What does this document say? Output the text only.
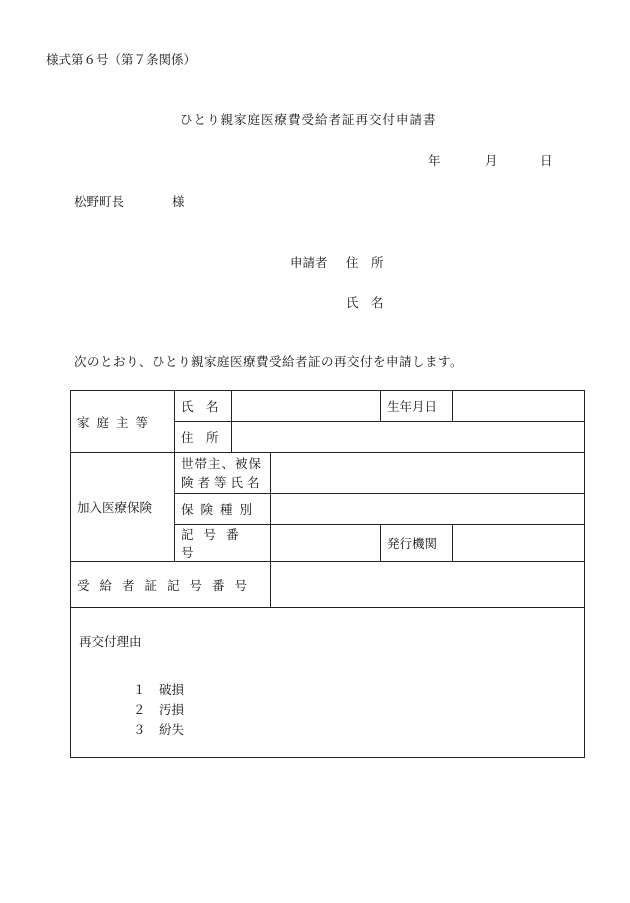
様式第６号（第７条関係）
ひとり親家庭医療費受給者証再交付申請書
年	月	日
松野町長	様
申請者 住　所
氏　名
次のとおり、ひとり親家庭医療費受給者証の再交付を申請します。
家庭主等	氏　名			生年月日	
	住　所				
加入医療保険	世帯主、被保
険者等氏名				

	保険種別				
	記号番号			発行機関	
受給者証記号番号					

再交付理由
１ 破損
２ 汚損
３ 紛失					
